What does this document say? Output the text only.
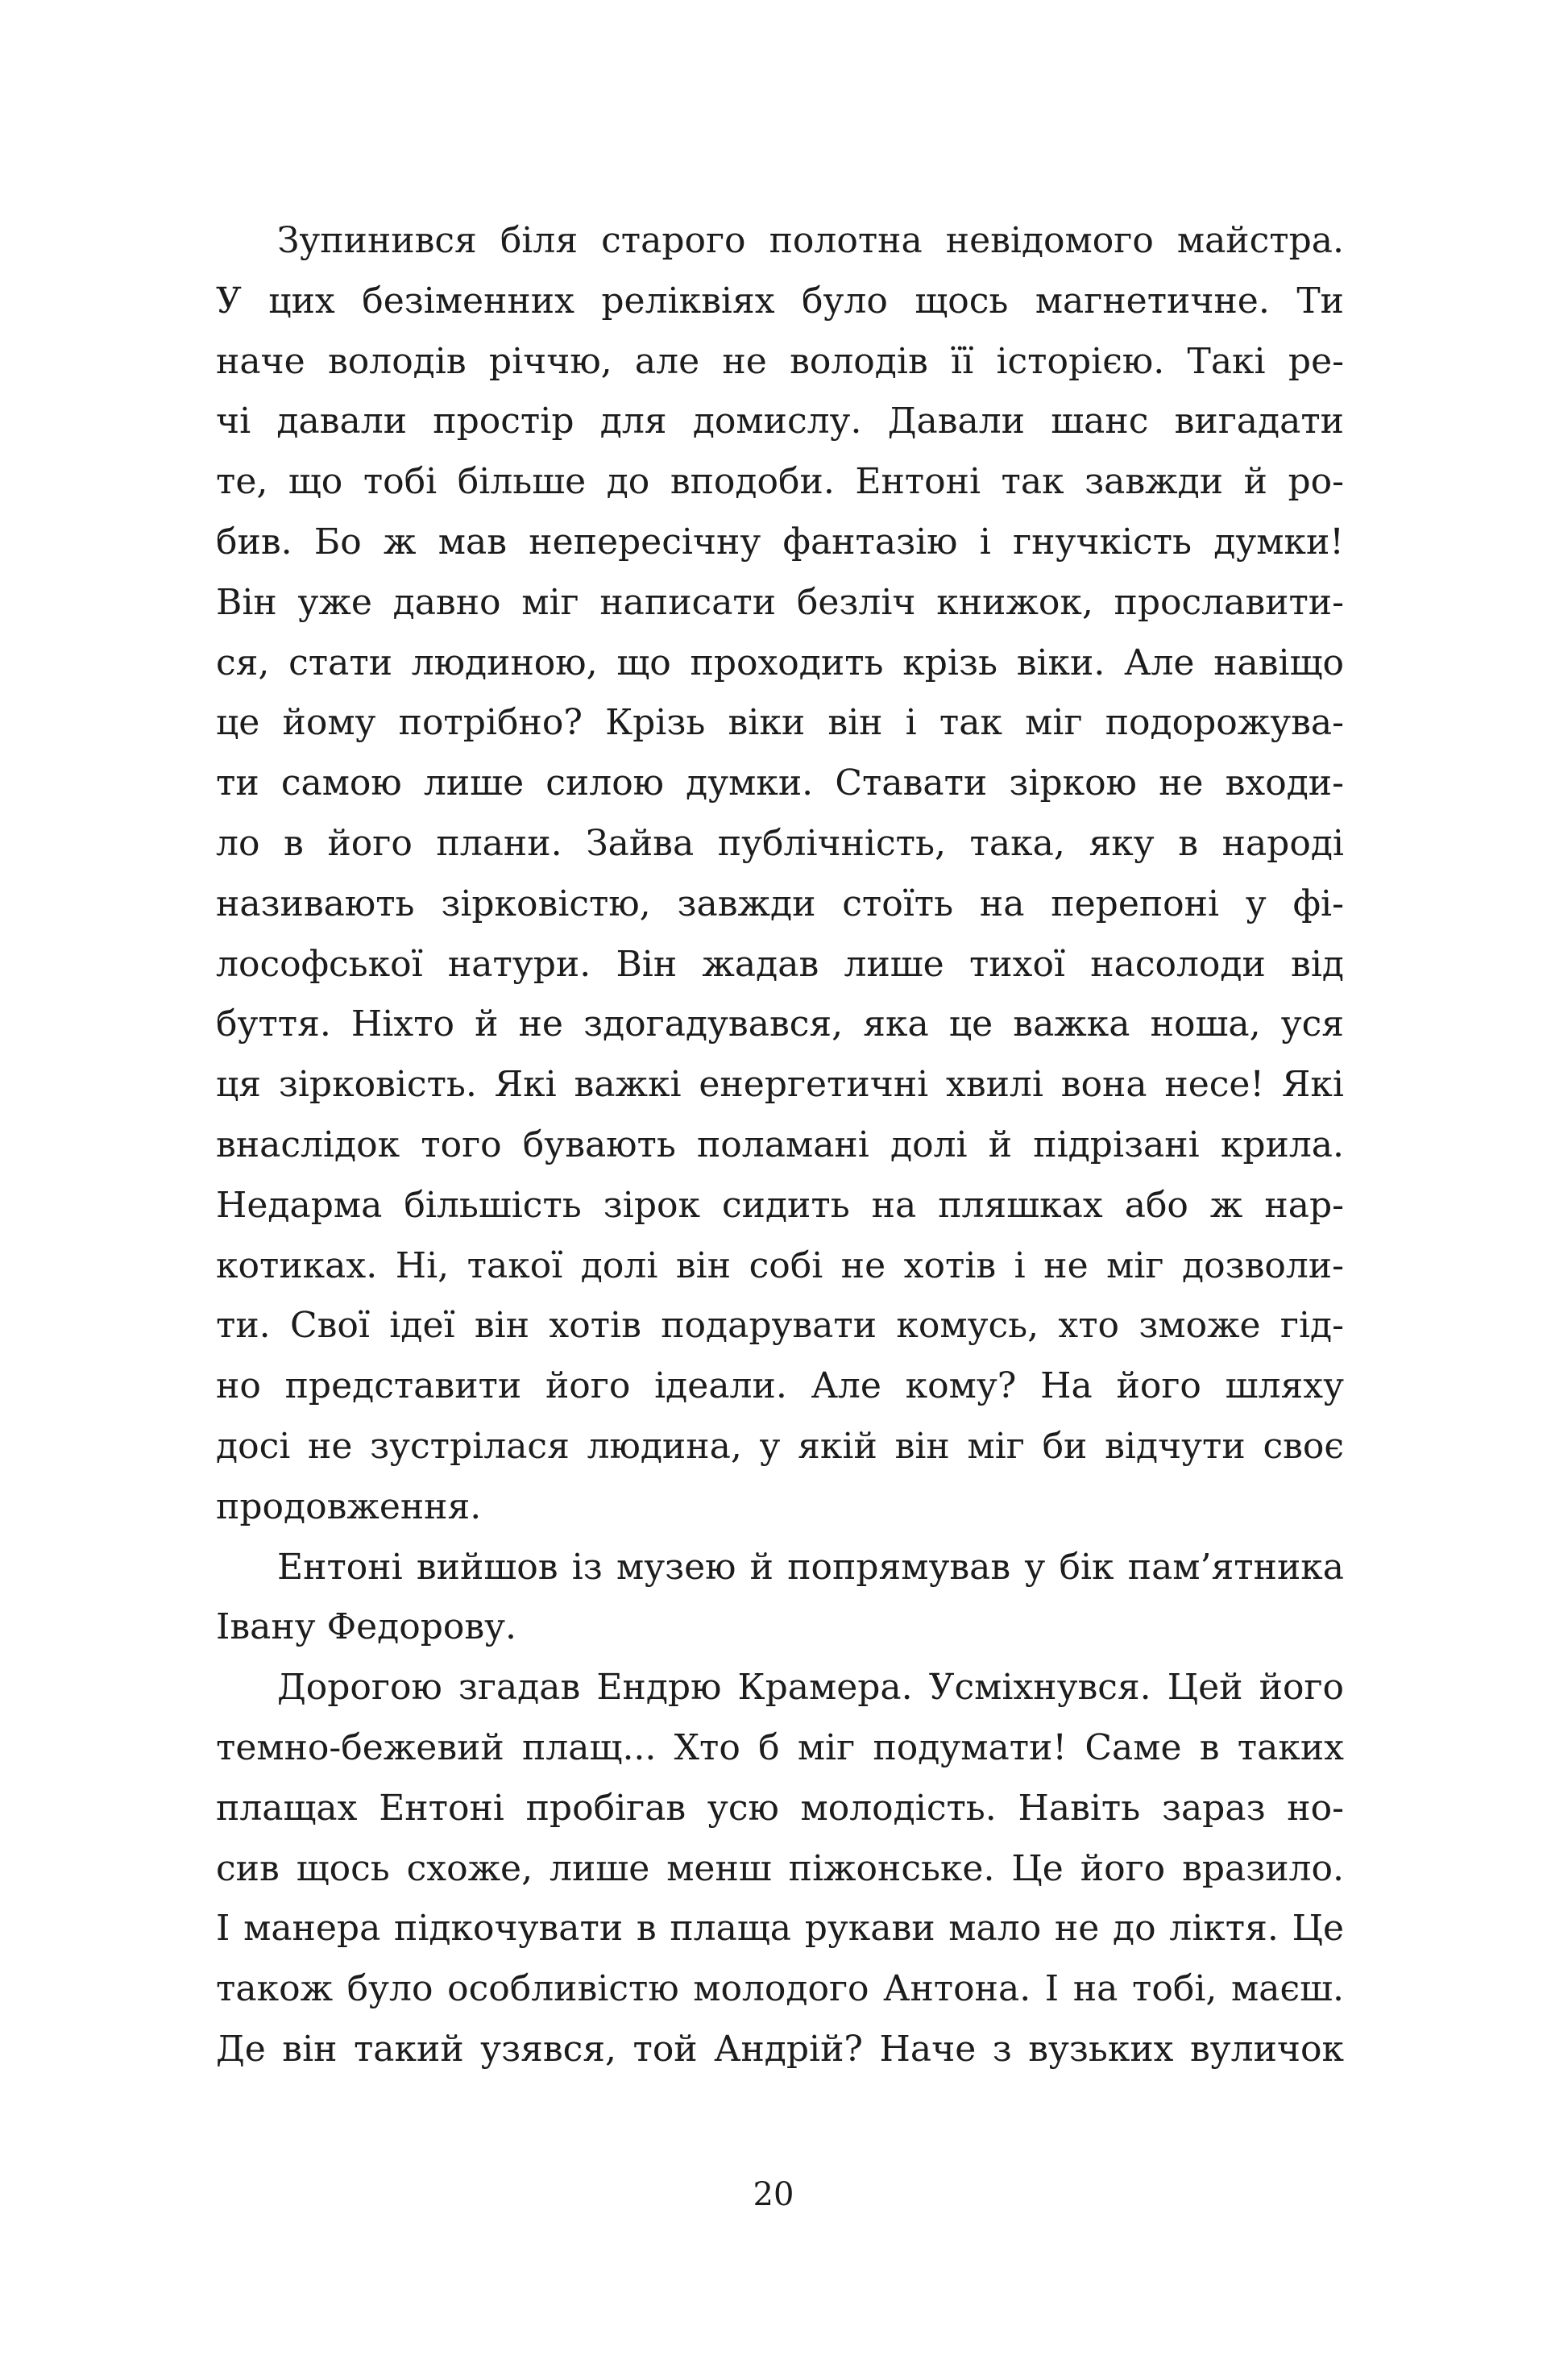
Зупинився біля старого полотна невідомого майстра.
У цих безіменних реліквіях було щось магнетичне. Ти
наче володів річчю, але не володів її історією. Такі ре-
чі давали простір для домислу. Давали шанс вигадати
те, що тобі більше до вподоби. Ентоні так завжди й ро-
бив. Бо ж мав непересічну фантазію і гнучкість думки!
Він уже давно міг написати безліч книжок, прославити-
ся, стати людиною, що проходить крізь віки. Але навіщо
це йому потрібно? Крізь віки він і так міг подорожува-
ти самою лише силою думки. Ставати зіркою не входи-
ло в його плани. Зайва публічність, така, яку в народі
називають зірковістю, завжди стоїть на перепоні у фі-
лософської натури. Він жадав лише тихої насолоди від
буття. Ніхто й не здогадувався, яка це важка ноша, уся
ця зірковість. Які важкі енергетичні хвилі вона несе! Які
внаслідок того бувають поламані долі й підрізані крила.
Недарма більшість зірок сидить на пляшках або ж нар-
котиках. Ні, такої долі він собі не хотів і не міг дозволи-
ти. Свої ідеї він хотів подарувати комусь, хто зможе гід-
но представити його ідеали. Але кому? На його шляху
досі не зустрілася людина, у якій він міг би відчути своє
продовження.
Ентоні вийшов із музею й попрямував у бік пам’ятника
Івану Федорову.
Дорогою згадав Ендрю Крамера. Усміхнувся. Цей його
темно-бежевий плащ... Хто б міг подумати! Саме в таких
плащах Ентоні пробігав усю молодість. Навіть зараз но-
сив щось схоже, лише менш піжонське. Це його вразило.
І манера підкочувати в плаща рукави мало не до ліктя. Це
також було особливістю молодого Антона. І на тобі, маєш.
Де він такий узявся, той Андрій? Наче з вузьких вуличок
20
